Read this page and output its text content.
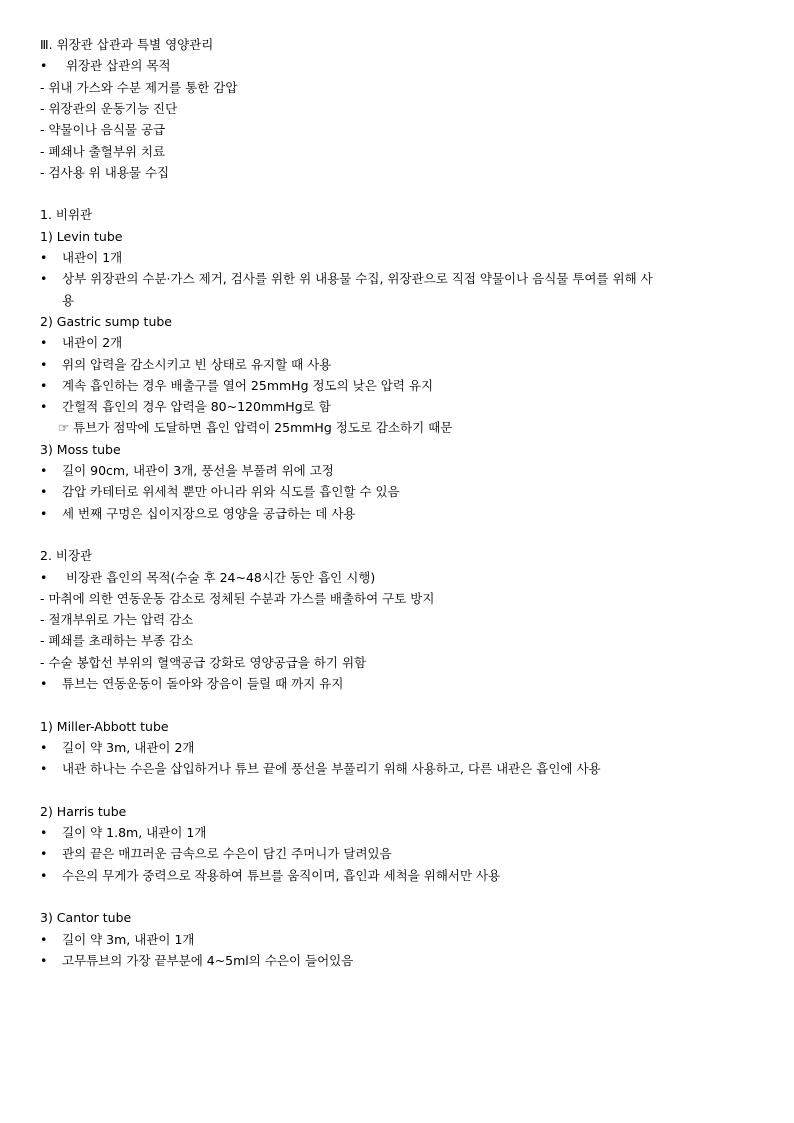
Ⅲ. 위장관 삽관과 특별 영양관리
• 위장관 삽관의 목적
- 위내 가스와 수분 제거를 통한 감압
- 위장관의 운동기능 진단
- 약물이나 음식물 공급
- 폐쇄나 출혈부위 치료
- 검사용 위 내용물 수집
1. 비위관
1) Levin tube
• 내관이 1개
• 상부 위장관의 수분·가스 제거, 검사를 위한 위 내용물 수집, 위장관으로 직접 약물이나 음식물 투여를 위해 사
용
2) Gastric sump tube
• 내관이 2개
• 위의 압력을 감소시키고 빈 상태로 유지할 때 사용
• 계속 흡인하는 경우 배출구를 열어 25mmHg 정도의 낮은 압력 유지
• 간헐적 흡인의 경우 압력을 80~120mmHg로 함
☞ 튜브가 점막에 도달하면 흡인 압력이 25mmHg 정도로 감소하기 때문
3) Moss tube
• 길이 90cm, 내관이 3개, 풍선을 부풀려 위에 고정
• 감압 카테터로 위세척 뿐만 아니라 위와 식도를 흡인할 수 있음
• 세 번째 구멍은 십이지장으로 영양을 공급하는 데 사용
2. 비장관
• 비장관 흡인의 목적(수술 후 24~48시간 동안 흡인 시행)
- 마취에 의한 연동운동 감소로 정체된 수분과 가스를 배출하여 구토 방지
- 절개부위로 가는 압력 감소
- 폐쇄를 초래하는 부종 감소
- 수술 봉합선 부위의 혈액공급 강화로 영양공급을 하기 위함
• 튜브는 연동운동이 돌아와 장음이 들릴 때 까지 유지
1) Miller-Abbott tube
• 길이 약 3m, 내관이 2개
• 내관 하나는 수은을 삽입하거나 튜브 끝에 풍선을 부풀리기 위해 사용하고, 다른 내관은 흡인에 사용
2) Harris tube
• 길이 약 1.8m, 내관이 1개
• 관의 끝은 매끄러운 금속으로 수은이 담긴 주머니가 달려있음
• 수은의 무게가 중력으로 작용하여 튜브를 움직이며, 흡인과 세척을 위해서만 사용
3) Cantor tube
• 길이 약 3m, 내관이 1개
• 고무튜브의 가장 끝부분에 4~5ml의 수은이 들어있음
